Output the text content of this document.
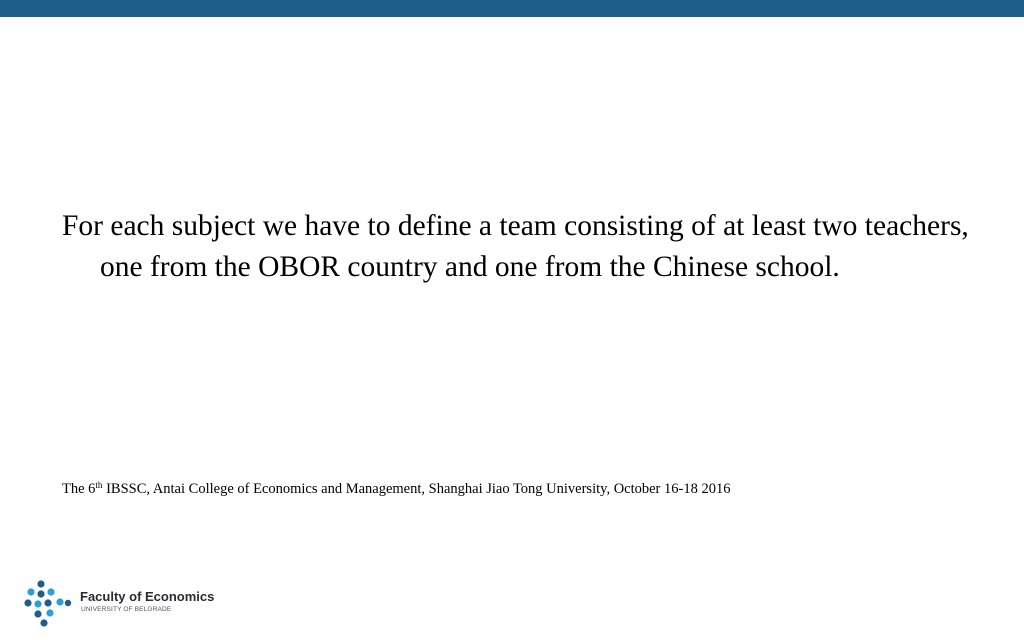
For each subject we have to define a team consisting of at least two teachers, one from the OBOR country and one from the Chinese school.

The 6th IBSSC, Antai College of Economics and Management, Shanghai Jiao Tong University, October 16-18 2016
Faculty of Economics
UNIVERSITY OF BELGRADE
